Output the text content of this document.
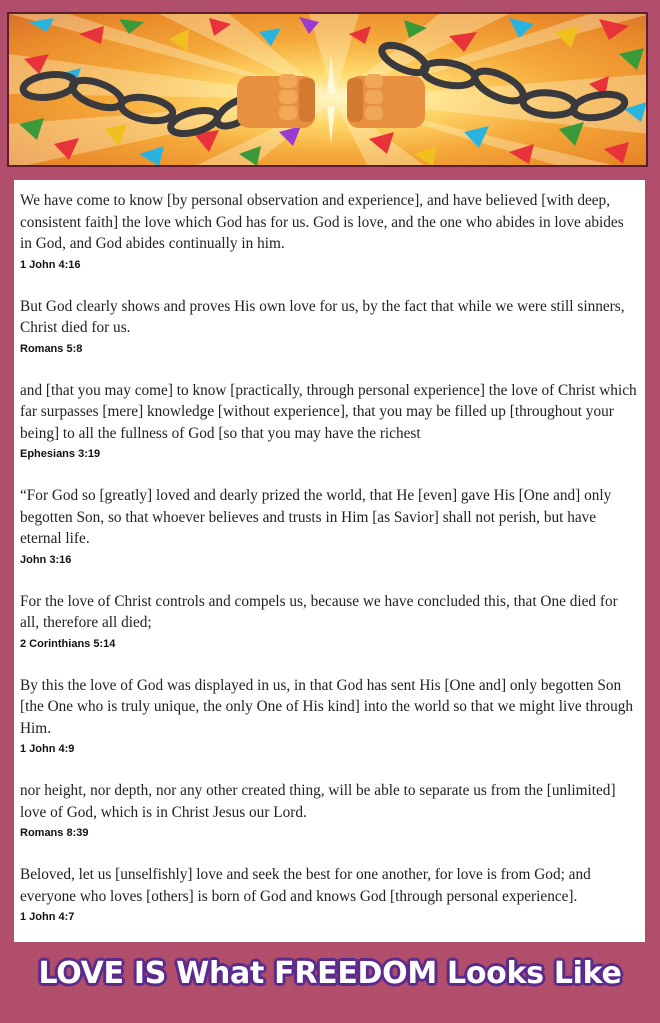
We have come to know [by personal observation and experience], and have believed [with deep, consistent faith] the love which God has for us. God is love, and the one who abides in love abides in God, and God abides continually in him.

1 John 4:16

But God clearly shows and proves His own love for us, by the fact that while we were still sinners, Christ died for us.

Romans 5:8

and [that you may come] to know [practically, through personal experience] the love of Christ which far surpasses [mere] knowledge [without experience], that you may be filled up [throughout your being] to all the fullness of God [so that you may have the richest

Ephesians 3:19

“For God so [greatly] loved and dearly prized the world, that He [even] gave His [One and] only begotten Son, so that whoever believes and trusts in Him [as Savior] shall not perish, but have eternal life.

John 3:16

For the love of Christ controls and compels us, because we have concluded this, that One died for all, therefore all died;

2 Corinthians 5:14

By this the love of God was displayed in us, in that God has sent His [One and] only begotten Son [the One who is truly unique, the only One of His kind] into the world so that we might live through Him.

1 John 4:9

nor height, nor depth, nor any other created thing, will be able to separate us from the [unlimited] love of God, which is in Christ Jesus our Lord.

Romans 8:39

Beloved, let us [unselfishly] love and seek the best for one another, for love is from God; and everyone who loves [others] is born of God and knows God [through personal experience].

1 John 4:7
LOVE IS What FREEDOM Looks Like
